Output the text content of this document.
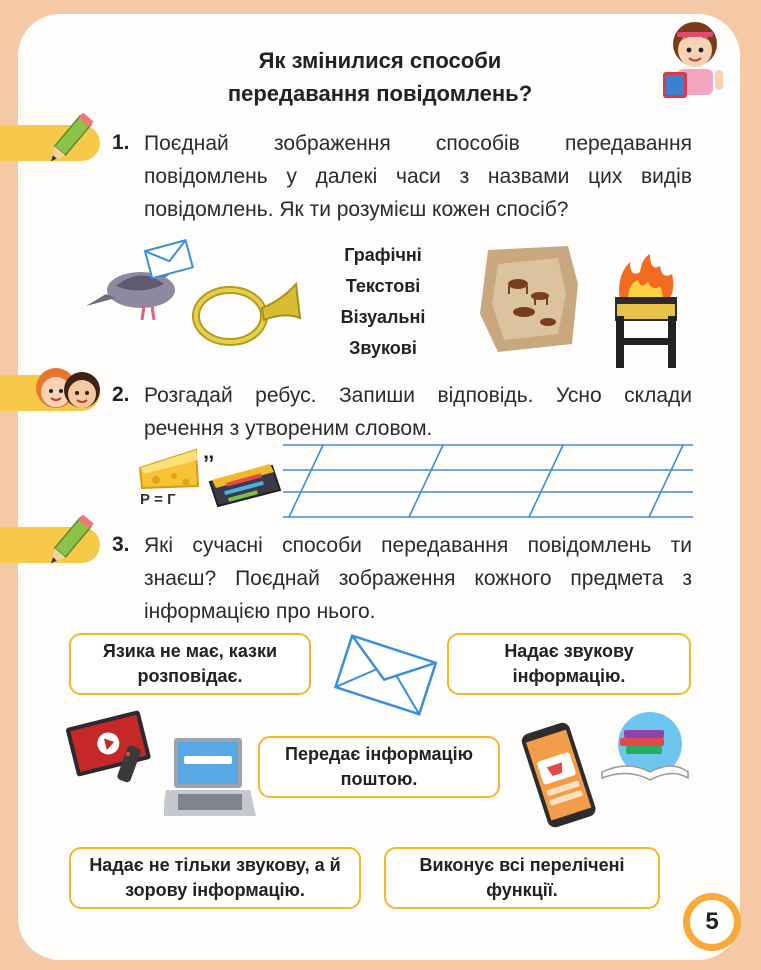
Як змінилися способи
передавання повідомлень?
1. Поєднай зображення способів передавання повідомлень у далекі часи з назвами цих видів повідомлень. Як ти розумієш кожен спосіб?
Графічні
Текстові
Візуальні
Звукові
2. Розгадай ребус. Запиши відповідь. Усно склади речення з утвореним словом.
Р = Г
’’
3. Які сучасні способи передавання повідомлень ти знаєш? Поєднай зображення кожного предмета з інформацією про нього.
Язика не має, казки розповідає.
Надає звукову інформацію.
Передає інформацію поштою.
Надає не тільки звукову, а й зорову інформацію.
Виконує всі перелічені функції.
5
